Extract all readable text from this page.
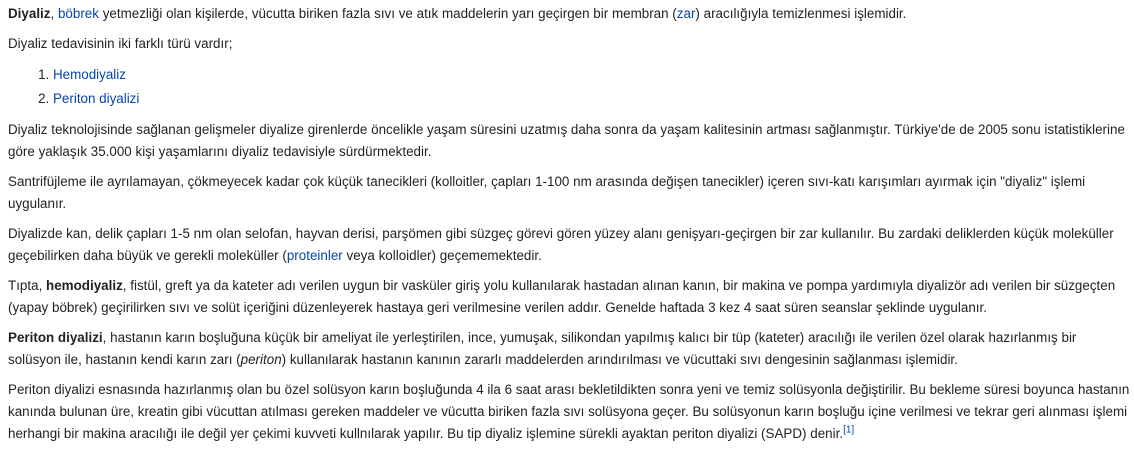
Diyaliz, böbrek yetmezliği olan kişilerde, vücutta biriken fazla sıvı ve atık maddelerin yarı geçirgen bir membran (zar) aracılığıyla temizlenmesi işlemidir.

Diyaliz tedavisinin iki farklı türü vardır;

1. Hemodiyaliz
2. Periton diyalizi

Diyaliz teknolojisinde sağlanan gelişmeler diyalize girenlerde öncelikle yaşam süresini uzatmış daha sonra da yaşam kalitesinin artması sağlanmıştır. Türkiye'de de 2005 sonu istatistiklerine göre yaklaşık 35.000 kişi yaşamlarını diyaliz tedavisiyle sürdürmektedir.

Santrifüjleme ile ayrılamayan, çökmeyecek kadar çok küçük tanecikleri (kolloitler, çapları 1-100 nm arasında değişen tanecikler) içeren sıvı-katı karışımları ayırmak için "diyaliz" işlemi uygulanır.

Diyalizde kan, delik çapları 1-5 nm olan selofan, hayvan derisi, parşömen gibi süzgeç görevi gören yüzey alanı genişyarı-geçirgen bir zar kullanılır. Bu zardaki deliklerden küçük moleküller geçebilirken daha büyük ve gerekli moleküller (proteinler veya kolloidler) geçememektedir.

Tıpta, hemodiyaliz, fistül, greft ya da kateter adı verilen uygun bir vasküler giriş yolu kullanılarak hastadan alınan kanın, bir makina ve pompa yardımıyla diyalizör adı verilen bir süzgeçten (yapay böbrek) geçirilirken sıvı ve solüt içeriğini düzenleyerek hastaya geri verilmesine verilen addır. Genelde haftada 3 kez 4 saat süren seanslar şeklinde uygulanır.

Periton diyalizi, hastanın karın boşluğuna küçük bir ameliyat ile yerleştirilen, ince, yumuşak, silikondan yapılmış kalıcı bir tüp (kateter) aracılığı ile verilen özel olarak hazırlanmış bir solüsyon ile, hastanın kendi karın zarı (periton) kullanılarak hastanın kanının zararlı maddelerden arındırılması ve vücuttaki sıvı dengesinin sağlanması işlemidir.

Periton diyalizi esnasında hazırlanmış olan bu özel solüsyon karın boşluğunda 4 ila 6 saat arası bekletildikten sonra yeni ve temiz solüsyonla değiştirilir. Bu bekleme süresi boyunca hastanın kanında bulunan üre, kreatin gibi vücuttan atılması gereken maddeler ve vücutta biriken fazla sıvı solüsyona geçer. Bu solüsyonun karın boşluğu içine verilmesi ve tekrar geri alınması işlemi herhangi bir makina aracılığı ile değil yer çekimi kuvveti kullnılarak yapılır. Bu tip diyaliz işlemine sürekli ayaktan periton diyalizi (SAPD) denir.[1]
